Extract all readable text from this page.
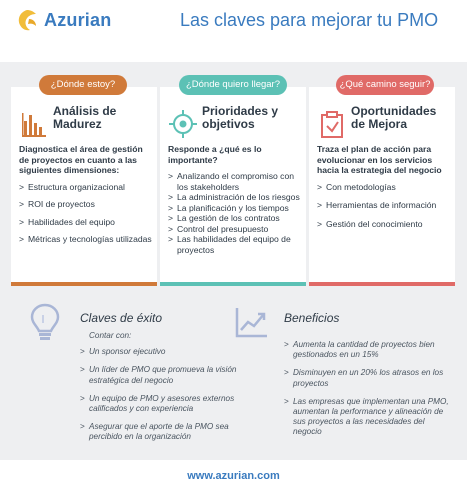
Azurian	Las claves para mejorar tu PMO
Análisis de Madurez
Diagnostica el área de gestión de proyectos en cuanto a las siguientes dimensiones:
> Estructura organizacional
> ROI de proyectos
> Habilidades del equipo
> Métricas y tecnologías utilizadas
Prioridades y objetivos
Responde a ¿qué es lo importante?
> Analizando el compromiso con los stakeholders
> La administración de los riesgos
> La planificación y los tiempos
> La gestión de los contratos
> Control del presupuesto
> Las habilidades del equipo de proyectos
Oportunidades de Mejora
Traza el plan de acción para evolucionar en los servicios hacia la estrategia del negocio
> Con metodologías
> Herramientas de información
> Gestión del conocimiento
¿Dónde estoy?	¿Dónde quiero llegar?	¿Qué camino seguir?
Claves de éxito
Contar con:
> Un sponsor ejecutivo
> Un líder de PMO que promueva la visión estratégica del negocio
> Un equipo de PMO y asesores externos calificados y con experiencia
> Asegurar que el aporte de la PMO sea percibido en la organización
Beneficios
> Aumenta la cantidad de proyectos bien gestionados en un 15%
> Disminuyen en un 20% los atrasos en los proyectos
> Las empresas que implementan una PMO, aumentan la performance y alineación de sus proyectos a las necesidades del negocio
www.azurian.com
